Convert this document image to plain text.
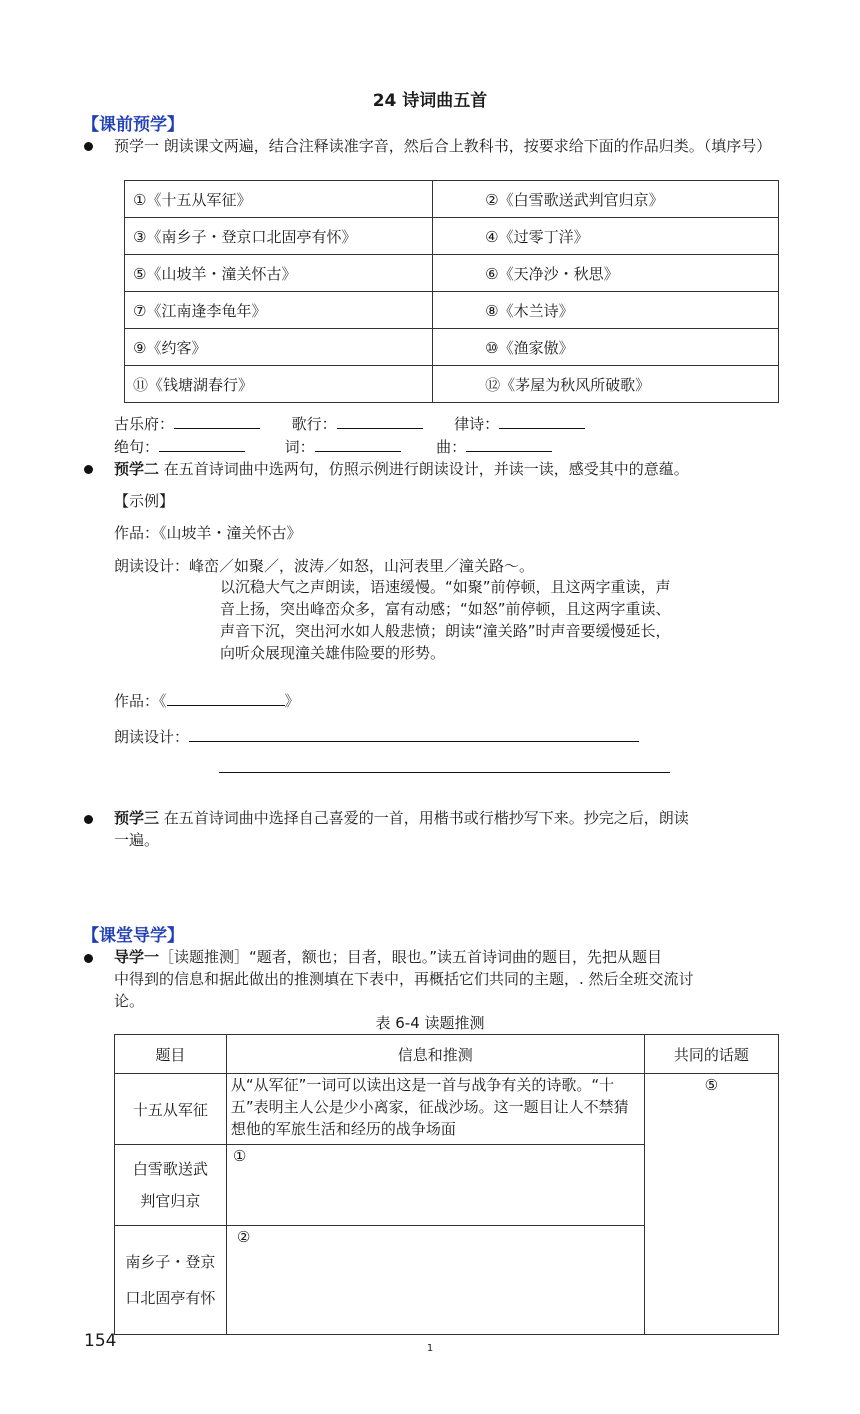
24 诗词曲五首
【课前预学】
预学一 朗读课文两遍，结合注释读准字音，然后合上教科书，按要求给下面的作品归类。（填序号）
①《十五从军征》	②《白雪歌送武判官归京》
③《南乡子・登京口北固亭有怀》	④《过零丁洋》
⑤《山坡羊・潼关怀古》	⑥《天净沙・秋思》
⑦《江南逢李龟年》	⑧《木兰诗》
⑨《约客》	⑩《渔家傲》
⑪《钱塘湖春行》	⑫《茅屋为秋风所破歌》
古乐府：	歌行：	律诗：
绝句：	词：	曲：
预学二 在五首诗词曲中选两句，仿照示例进行朗读设计，并读一读，感受其中的意蕴。
【示例】
作品：《山坡羊・潼关怀古》
朗读设计：峰峦／如聚／，波涛／如怒，山河表里／潼关路～。
以沉稳大气之声朗读，语速缓慢。“如聚”前停顿，且这两字重读，声
音上扬，突出峰峦众多，富有动感；“如怒”前停顿，且这两字重读、
声音下沉，突出河水如人般悲愤；朗读“潼关路”时声音要缓慢延长，
向听众展现潼关雄伟险要的形势。
作品：《	》
朗读设计：
预学三 在五首诗词曲中选择自己喜爱的一首，用楷书或行楷抄写下来。抄完之后，朗读
一遍。
【课堂导学】
导学一［读题推测］“题者，额也；目者，眼也。”读五首诗词曲的题目，先把从题目
中得到的信息和据此做出的推测填在下表中，再概括它们共同的主题，. 然后全班交流讨
论。
表 6-4 读题推测
题目	信息和推测	共同的话题
十五从军征	从“从军征”一词可以读出这是一首与战争有关的诗歌。“十五”表明主人公是少小离家，征战沙场。这一题目让人不禁猜想他的军旅生活和经历的战争场面	⑤

白雪歌送武
判官归京	①	

南乡子・登京
口北固亭有怀	②	
154	1
